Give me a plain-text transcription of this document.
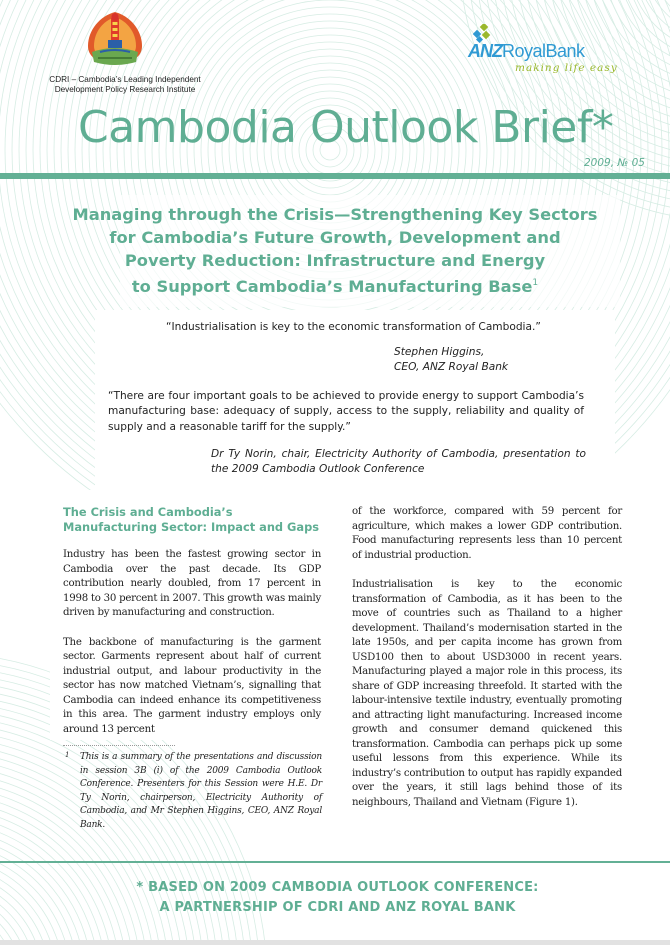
CDRI – Cambodia’s Leading Independent
Development Policy Research Institute
ANZRoyalBank
making life easy
Cambodia Outlook Brief*
2009, № 05
Managing through the Crisis—Strengthening Key Sectors
for Cambodia’s Future Growth, Development and
Poverty Reduction: Infrastructure and Energy
to Support Cambodia’s Manufacturing Base$^1$
“Industrialisation is key to the economic transformation of Cambodia.”
Stephen Higgins,
CEO, ANZ Royal Bank
“There are four important goals to be achieved to provide energy to support Cambodia’s manufacturing base: adequacy of supply, access to the supply, reliability and quality of supply and a reasonable tariff for the supply.”
Dr Ty Norin, chair, Electricity Authority of Cambodia, presentation to the 2009 Cambodia Outlook Conference
The Crisis and Cambodia’s Manufacturing Sector: Impact and Gaps

Industry has been the fastest growing sector in Cambodia over the past decade. Its GDP contribution nearly doubled, from 17 percent in 1998 to 30 percent in 2007. This growth was mainly driven by manufacturing and construction.

The backbone of manufacturing is the garment sector. Garments represent about half of current industrial output, and labour productivity in the sector has now matched Vietnam’s, signalling that Cambodia can indeed enhance its competitiveness in this area. The garment industry employs only around 13 percent

1 This is a summary of the presentations and discussion in session 3B (i) of the 2009 Cambodia Outlook Conference. Presenters for this Session were H.E. Dr Ty Norin, chairperson, Electricity Authority of Cambodia, and Mr Stephen Higgins, CEO, ANZ Royal Bank.

of the workforce, compared with 59 percent for agriculture, which makes a lower GDP contribution. Food manufacturing represents less than 10 percent of industrial production.

Industrialisation is key to the economic transformation of Cambodia, as it has been to the move of countries such as Thailand to a higher development. Thailand’s modernisation started in the late 1950s, and per capita income has grown from USD100 then to about USD3000 in recent years. Manufacturing played a major role in this process, its share of GDP increasing threefold. It started with the labour-intensive textile industry, eventually promoting and attracting light manufacturing. Increased income growth and consumer demand quickened this transformation. Cambodia can perhaps pick up some useful lessons from this experience. While its industry’s contribution to output has rapidly expanded over the years, it still lags behind those of its neighbours, Thailand and Vietnam (Figure 1).

* BASED ON 2009 CAMBODIA OUTLOOK CONFERENCE:
A PARTNERSHIP OF CDRI AND ANZ ROYAL BANK
